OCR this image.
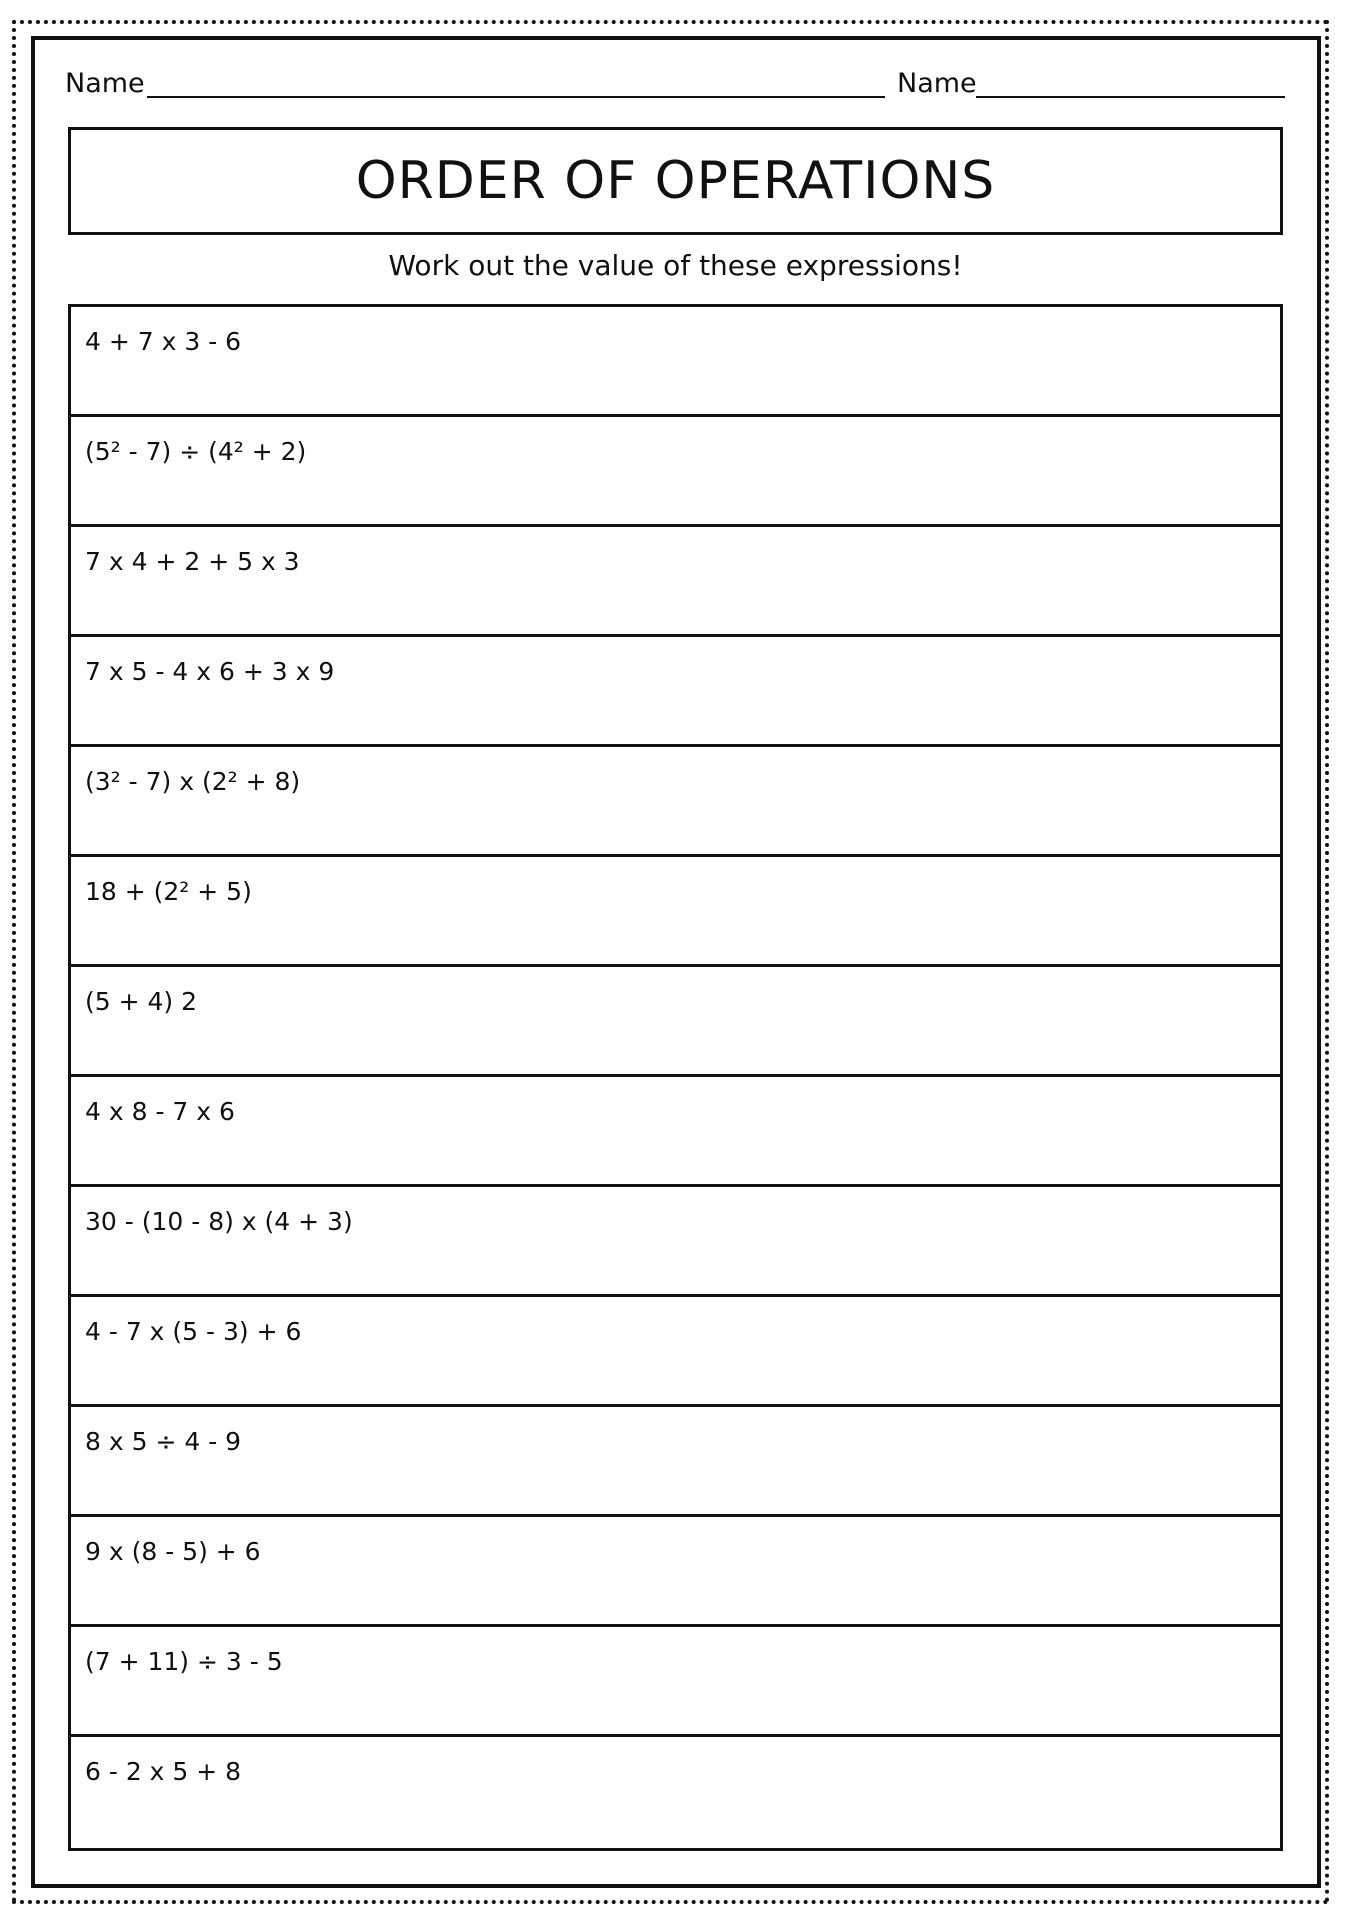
Name	Name
ORDER OF OPERATIONS
Work out the value of these expressions!
4 + 7 x 3 - 6
(5² - 7) ÷ (4² + 2)
7 x 4 + 2 + 5 x 3
7 x 5 - 4 x 6 + 3 x 9
(3² - 7) x (2² + 8)
18 + (2² + 5)
(5 + 4) 2
4 x 8 - 7 x 6
30 - (10 - 8) x (4 + 3)
4 - 7 x (5 - 3) + 6
8 x 5 ÷ 4 - 9
9 x (8 - 5) + 6
(7 + 11) ÷ 3 - 5
6 - 2 x 5 + 8
